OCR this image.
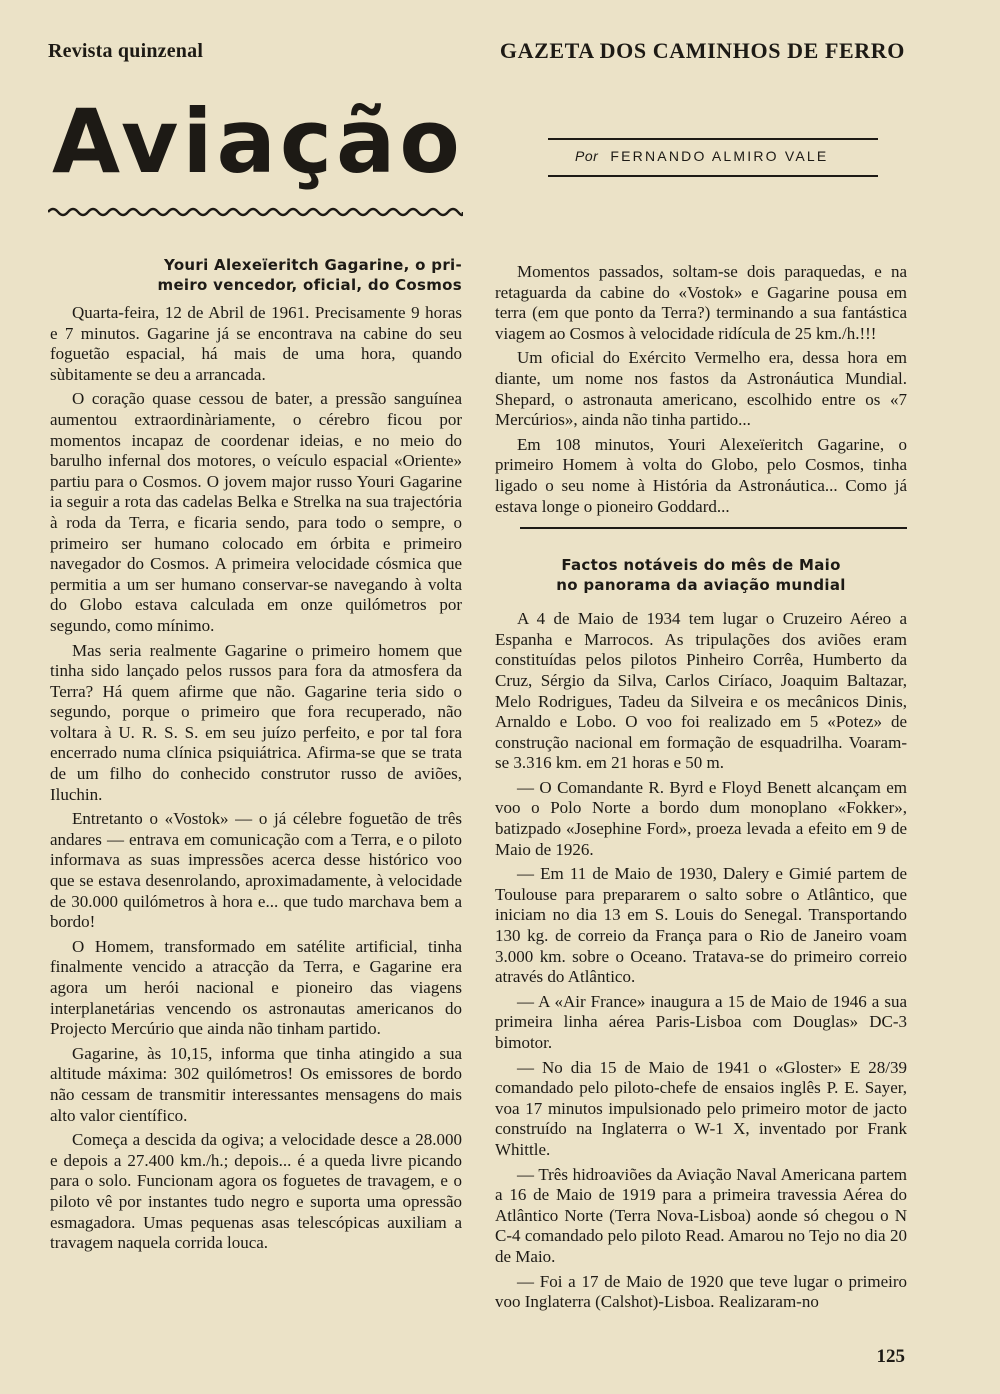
Revista quinzenal	GAZETA DOS CAMINHOS DE FERRO
Aviação	Por FERNANDO ALMIRO VALE
Youri Alexeïeritch Gagarine, o pri-
meiro vencedor, oficial, do Cosmos

Quarta-feira, 12 de Abril de 1961. Precisamente 9 horas e 7 minutos. Gagarine já se encontrava na cabine do seu foguetão espacial, há mais de uma hora, quando sùbitamente se deu a arrancada.

O coração quase cessou de bater, a pressão sanguínea aumentou extraordinàriamente, o cérebro ficou por momentos incapaz de coordenar ideias, e no meio do barulho infernal dos motores, o veículo espacial «Oriente» partiu para o Cosmos. O jovem major russo Youri Gagarine ia seguir a rota das cadelas Belka e Strelka na sua trajectória à roda da Terra, e ficaria sendo, para todo o sempre, o primeiro ser humano colocado em órbita e primeiro navegador do Cosmos. A primeira velocidade cósmica que permitia a um ser humano conservar-se navegando à volta do Globo estava calculada em onze quilómetros por segundo, como mínimo.

Mas seria realmente Gagarine o primeiro homem que tinha sido lançado pelos russos para fora da atmosfera da Terra? Há quem afirme que não. Gagarine teria sido o segundo, porque o primeiro que fora recuperado, não voltara à U. R. S. S. em seu juízo perfeito, e por tal fora encerrado numa clínica psiquiátrica. Afirma-se que se trata de um filho do conhecido construtor russo de aviões, Iluchin.

Entretanto o «Vostok» — o já célebre foguetão de três andares — entrava em comunicação com a Terra, e o piloto informava as suas impressões acerca desse histórico voo que se estava desenrolando, aproximadamente, à velocidade de 30.000 quilómetros à hora e... que tudo marchava bem a bordo!

O Homem, transformado em satélite artificial, tinha finalmente vencido a atracção da Terra, e Gagarine era agora um herói nacional e pioneiro das viagens interplanetárias vencendo os astronautas americanos do Projecto Mercúrio que ainda não tinham partido.

Gagarine, às 10,15, informa que tinha atingido a sua altitude máxima: 302 quilómetros! Os emissores de bordo não cessam de transmitir interessantes mensagens do mais alto valor científico.

Começa a descida da ogiva; a velocidade desce a 28.000 e depois a 27.400 km./h.; depois... é a queda livre picando para o solo. Funcionam agora os foguetes de travagem, e o piloto vê por instantes tudo negro e suporta uma opressão esmagadora. Umas pequenas asas telescópicas auxiliam a travagem naquela corrida louca.

Momentos passados, soltam-se dois paraquedas, e na retaguarda da cabine do «Vostok» e Gagarine pousa em terra (em que ponto da Terra?) terminando a sua fantástica viagem ao Cosmos à velocidade ridícula de 25 km./h.!!!

Um oficial do Exército Vermelho era, dessa hora em diante, um nome nos fastos da Astronáutica Mundial. Shepard, o astronauta americano, escolhido entre os «7 Mercúrios», ainda não tinha partido...

Em 108 minutos, Youri Alexeïeritch Gagarine, o primeiro Homem à volta do Globo, pelo Cosmos, tinha ligado o seu nome à História da Astronáutica... Como já estava longe o pioneiro Goddard...

Factos notáveis do mês de Maio
no panorama da aviação mundial

A 4 de Maio de 1934 tem lugar o Cruzeiro Aéreo a Espanha e Marrocos. As tripulações dos aviões eram constituídas pelos pilotos Pinheiro Corrêa, Humberto da Cruz, Sérgio da Silva, Carlos Ciríaco, Joaquim Baltazar, Melo Rodrigues, Tadeu da Silveira e os mecânicos Dinis, Arnaldo e Lobo. O voo foi realizado em 5 «Potez» de construção nacional em formação de esquadrilha. Voaram-se 3.316 km. em 21 horas e 50 m.

— O Comandante R. Byrd e Floyd Benett alcançam em voo o Polo Norte a bordo dum monoplano «Fokker», batizpado «Josephine Ford», proeza levada a efeito em 9 de Maio de 1926.

— Em 11 de Maio de 1930, Dalery e Gimié partem de Toulouse para prepararem o salto sobre o Atlântico, que iniciam no dia 13 em S. Louis do Senegal. Transportando 130 kg. de correio da França para o Rio de Janeiro voam 3.000 km. sobre o Oceano. Tratava-se do primeiro correio através do Atlântico.

— A «Air France» inaugura a 15 de Maio de 1946 a sua primeira linha aérea Paris-Lisboa com Douglas» DC-3 bimotor.

— No dia 15 de Maio de 1941 o «Gloster» E 28/39 comandado pelo piloto-chefe de ensaios inglês P. E. Sayer, voa 17 minutos impulsionado pelo primeiro motor de jacto construído na Inglaterra o W-1 X, inventado por Frank Whittle.

— Três hidroaviões da Aviação Naval Americana partem a 16 de Maio de 1919 para a primeira travessia Aérea do Atlântico Norte (Terra Nova-Lisboa) aonde só chegou o N C-4 comandado pelo piloto Read. Amarou no Tejo no dia 20 de Maio.

— Foi a 17 de Maio de 1920 que teve lugar o primeiro voo Inglaterra (Calshot)-Lisboa. Realizaram-no

125
